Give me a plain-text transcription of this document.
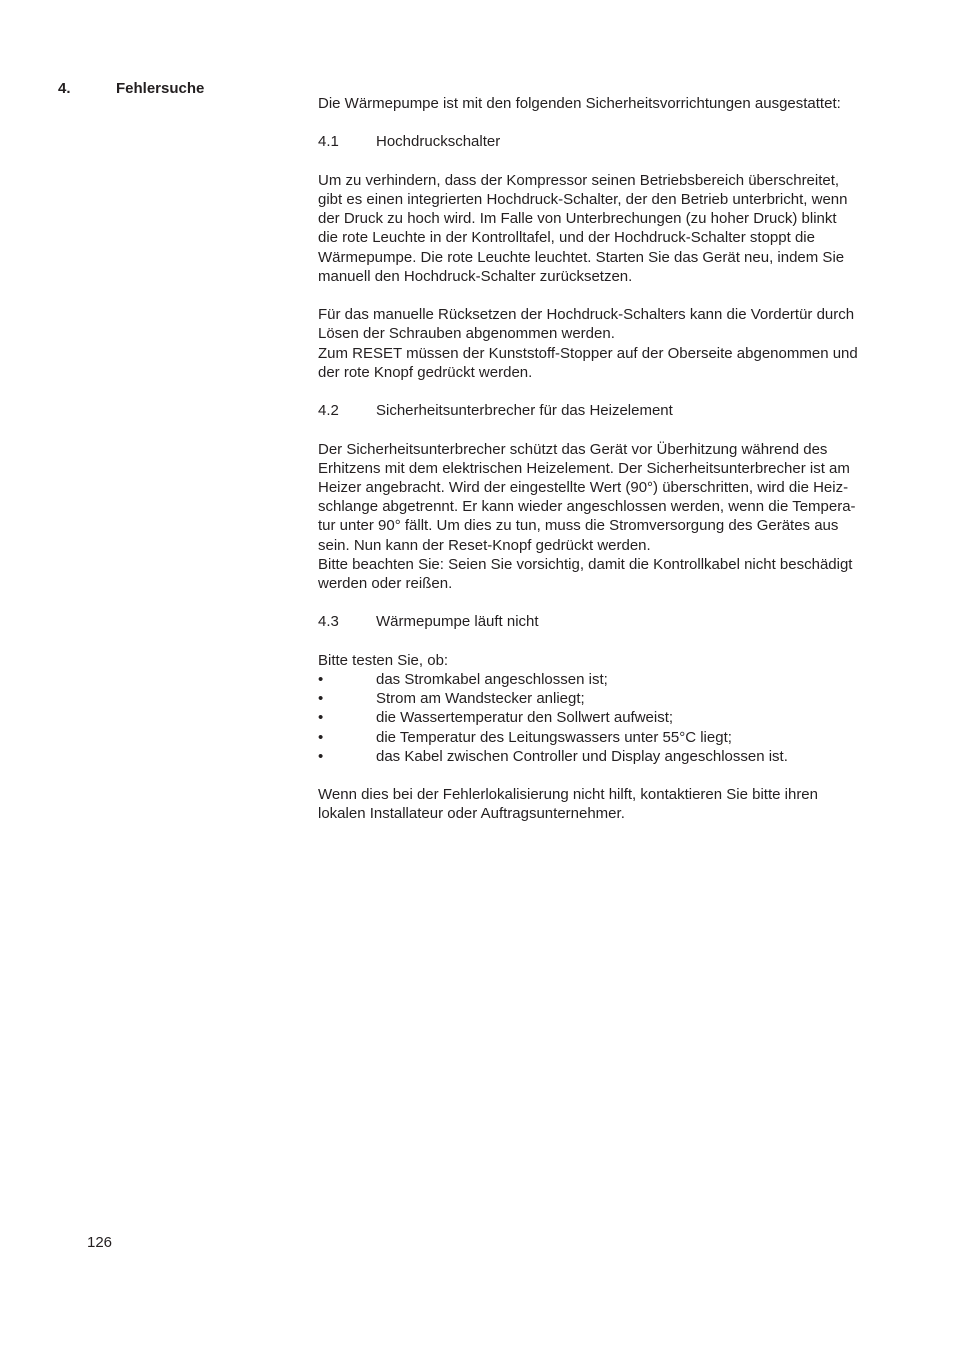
4.	Fehlersuche

Die Wärmepumpe ist mit den folgenden Sicherheitsvorrichtungen ausgestattet:

4.1	Hochdruckschalter

Um zu verhindern, dass der Kompressor seinen Betriebsbereich überschreitet,
gibt es einen integrierten Hochdruck-Schalter, der den Betrieb unterbricht, wenn
der Druck zu hoch wird. Im Falle von Unterbrechungen (zu hoher Druck) blinkt
die rote Leuchte in der Kontrolltafel, und der Hochdruck-Schalter stoppt die
Wärmepumpe. Die rote Leuchte leuchtet. Starten Sie das Gerät neu, indem Sie
manuell den Hochdruck-Schalter zurücksetzen.

Für das manuelle Rücksetzen der Hochdruck-Schalters kann die Vordertür durch
Lösen der Schrauben abgenommen werden.
Zum RESET müssen der Kunststoff-Stopper auf der Oberseite abgenommen und
der rote Knopf gedrückt werden.

4.2	Sicherheitsunterbrecher für das Heizelement

Der Sicherheitsunterbrecher schützt das Gerät vor Überhitzung während des
Erhitzens mit dem elektrischen Heizelement. Der Sicherheitsunterbrecher ist am
Heizer angebracht. Wird der eingestellte Wert (90°) überschritten, wird die Heiz-
schlange abgetrennt. Er kann wieder angeschlossen werden, wenn die Tempera-
tur unter 90° fällt. Um dies zu tun, muss die Stromversorgung des Gerätes aus
sein. Nun kann der Reset-Knopf gedrückt werden.
Bitte beachten Sie: Seien Sie vorsichtig, damit die Kontrollkabel nicht beschädigt
werden oder reißen.

4.3	Wärmepumpe läuft nicht
Bitte testen Sie, ob:
•	das Stromkabel angeschlossen ist;
•	Strom am Wandstecker anliegt;
•	die Wassertemperatur den Sollwert aufweist;
•	die Temperatur des Leitungswassers unter 55°C liegt;
•	das Kabel zwischen Controller und Display angeschlossen ist.

Wenn dies bei der Fehlerlokalisierung nicht hilft, kontaktieren Sie bitte ihren
lokalen Installateur oder Auftragsunternehmer.

126
